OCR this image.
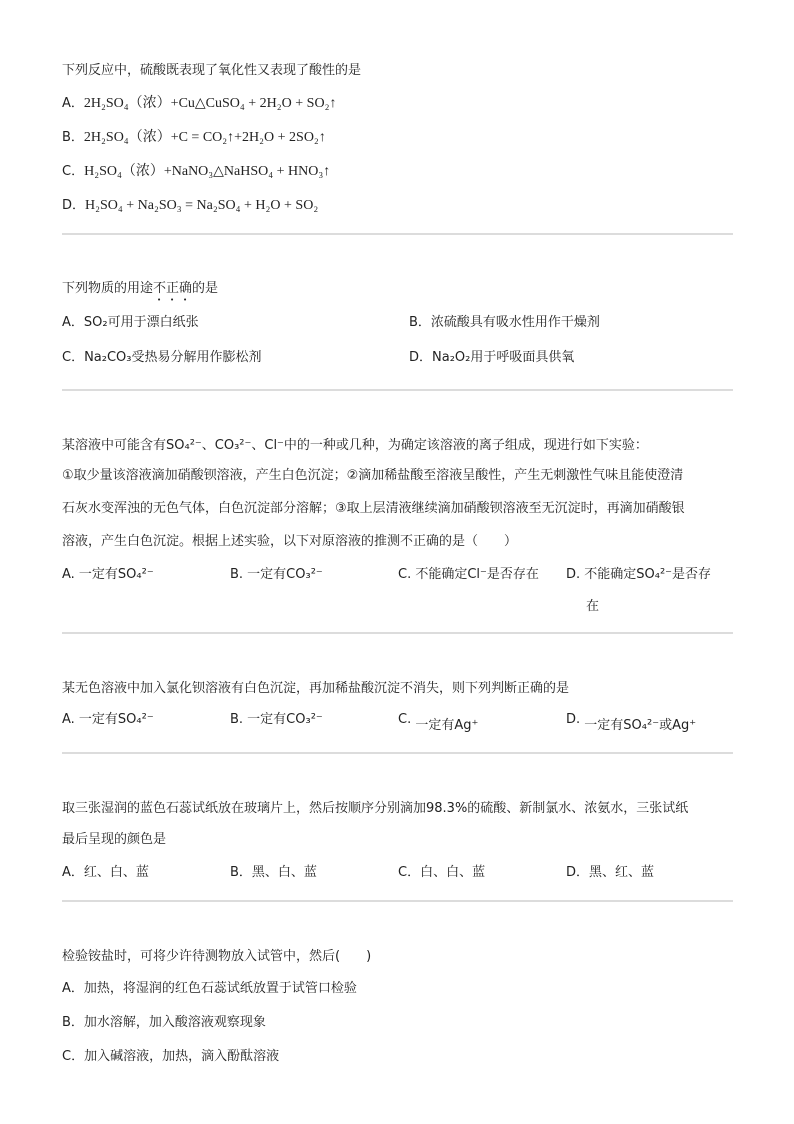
下列反应中，硫酸既表现了氧化性又表现了酸性的是
A．2H₂SO₄（浓）+Cu△CuSO₄ + 2H₂O + SO₂↑
B．2H₂SO₄（浓）+C = CO₂↑+2H₂O + 2SO₂↑
C．H₂SO₄（浓）+NaNO₃△NaHSO₄ + HNO₃↑
D．H₂SO₄ + Na₂SO₃ = Na₂SO₄ + H₂O + SO₂
下列物质的用途不正确的是
A．SO₂可用于漂白纸张	B．浓硫酸具有吸水性用作干燥剂
C．Na₂CO₃受热易分解用作膨松剂	D．Na₂O₂用于呼吸面具供氧
某溶液中可能含有SO₄²⁻、CO₃²⁻、Cl⁻中的一种或几种，为确定该溶液的离子组成，现进行如下实验：
①取少量该溶液滴加硝酸钡溶液，产生白色沉淀；②滴加稀盐酸至溶液呈酸性，产生无刺激性气味且能使澄清
石灰水变浑浊的无色气体，白色沉淀部分溶解；③取上层清液继续滴加硝酸钡溶液至无沉淀时，再滴加硝酸银
溶液，产生白色沉淀。根据上述实验，以下对原溶液的推测不正确的是（　　）
A. 一定有SO₄²⁻	B. 一定有CO₃²⁻	C. 不能确定Cl⁻是否存在 D. 不能确定SO₄²⁻是否存
在
某无色溶液中加入氯化钡溶液有白色沉淀，再加稀盐酸沉淀不消失，则下列判断正确的是
A. 一定有SO₄²⁻	B. 一定有CO₃²⁻	C. 一定有Ag⁺	D. 一定有SO₄²⁻或Ag⁺
取三张湿润的蓝色石蕊试纸放在玻璃片上，然后按顺序分别滴加98.3%的硫酸、新制氯水、浓氨水，三张试纸
最后呈现的颜色是
A．红、白、蓝	B．黑、白、蓝	C．白、白、蓝	D．黑、红、蓝
检验铵盐时，可将少许待测物放入试管中，然后(　　)
A．加热，将湿润的红色石蕊试纸放置于试管口检验
B．加水溶解，加入酸溶液观察现象
C．加入碱溶液，加热，滴入酚酞溶液
